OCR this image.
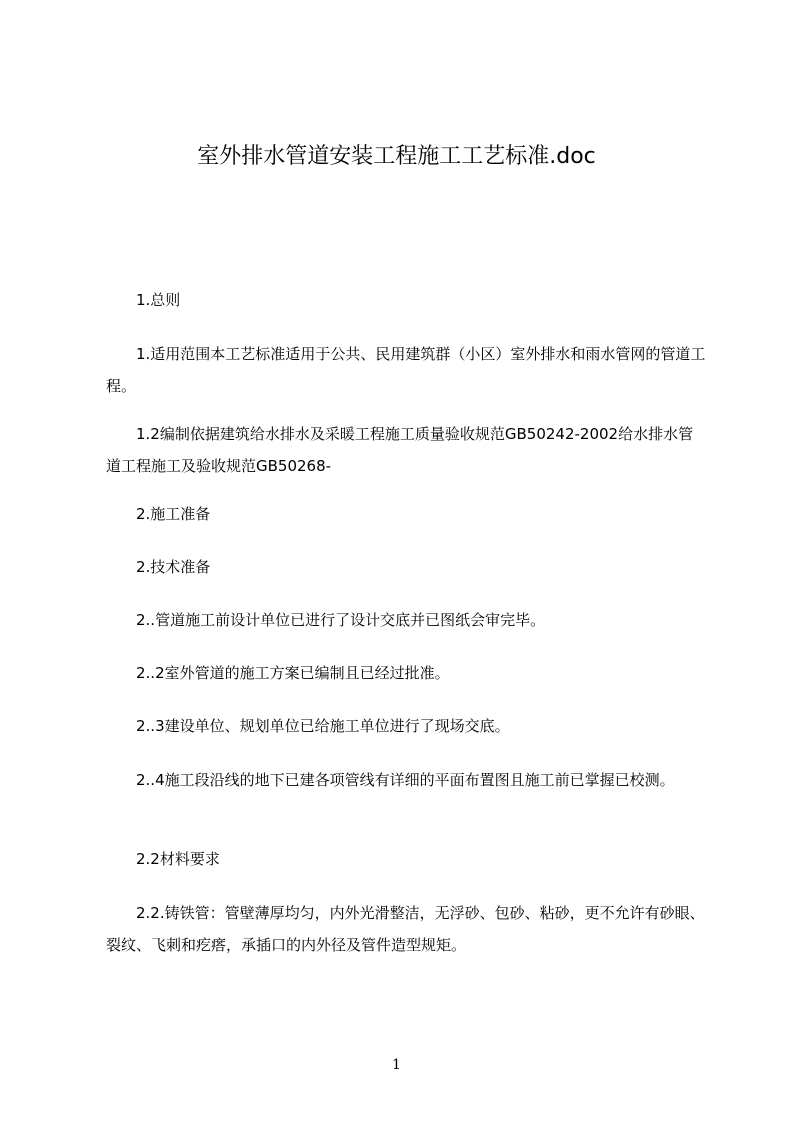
室外排水管道安装工程施工工艺标准.doc

1.总则

1.适用范围本工艺标准适用于公共、民用建筑群（小区）室外排水和雨水管网的管道工程。

1.2编制依据建筑给水排水及采暖工程施工质量验收规范GB50242-2002给水排水管道工程施工及验收规范GB50268-

2.施工准备

2.技术准备

2..管道施工前设计单位已进行了设计交底并已图纸会审完毕。

2..2室外管道的施工方案已编制且已经过批准。

2..3建设单位、规划单位已给施工单位进行了现场交底。

2..4施工段沿线的地下已建各项管线有详细的平面布置图且施工前已掌握已校测。

2.2材料要求

2.2.铸铁管：管壁薄厚均匀，内外光滑整洁，无浮砂、包砂、粘砂，更不允许有砂眼、裂纹、飞刺和疙瘩，承插口的内外径及管件造型规矩。

1
